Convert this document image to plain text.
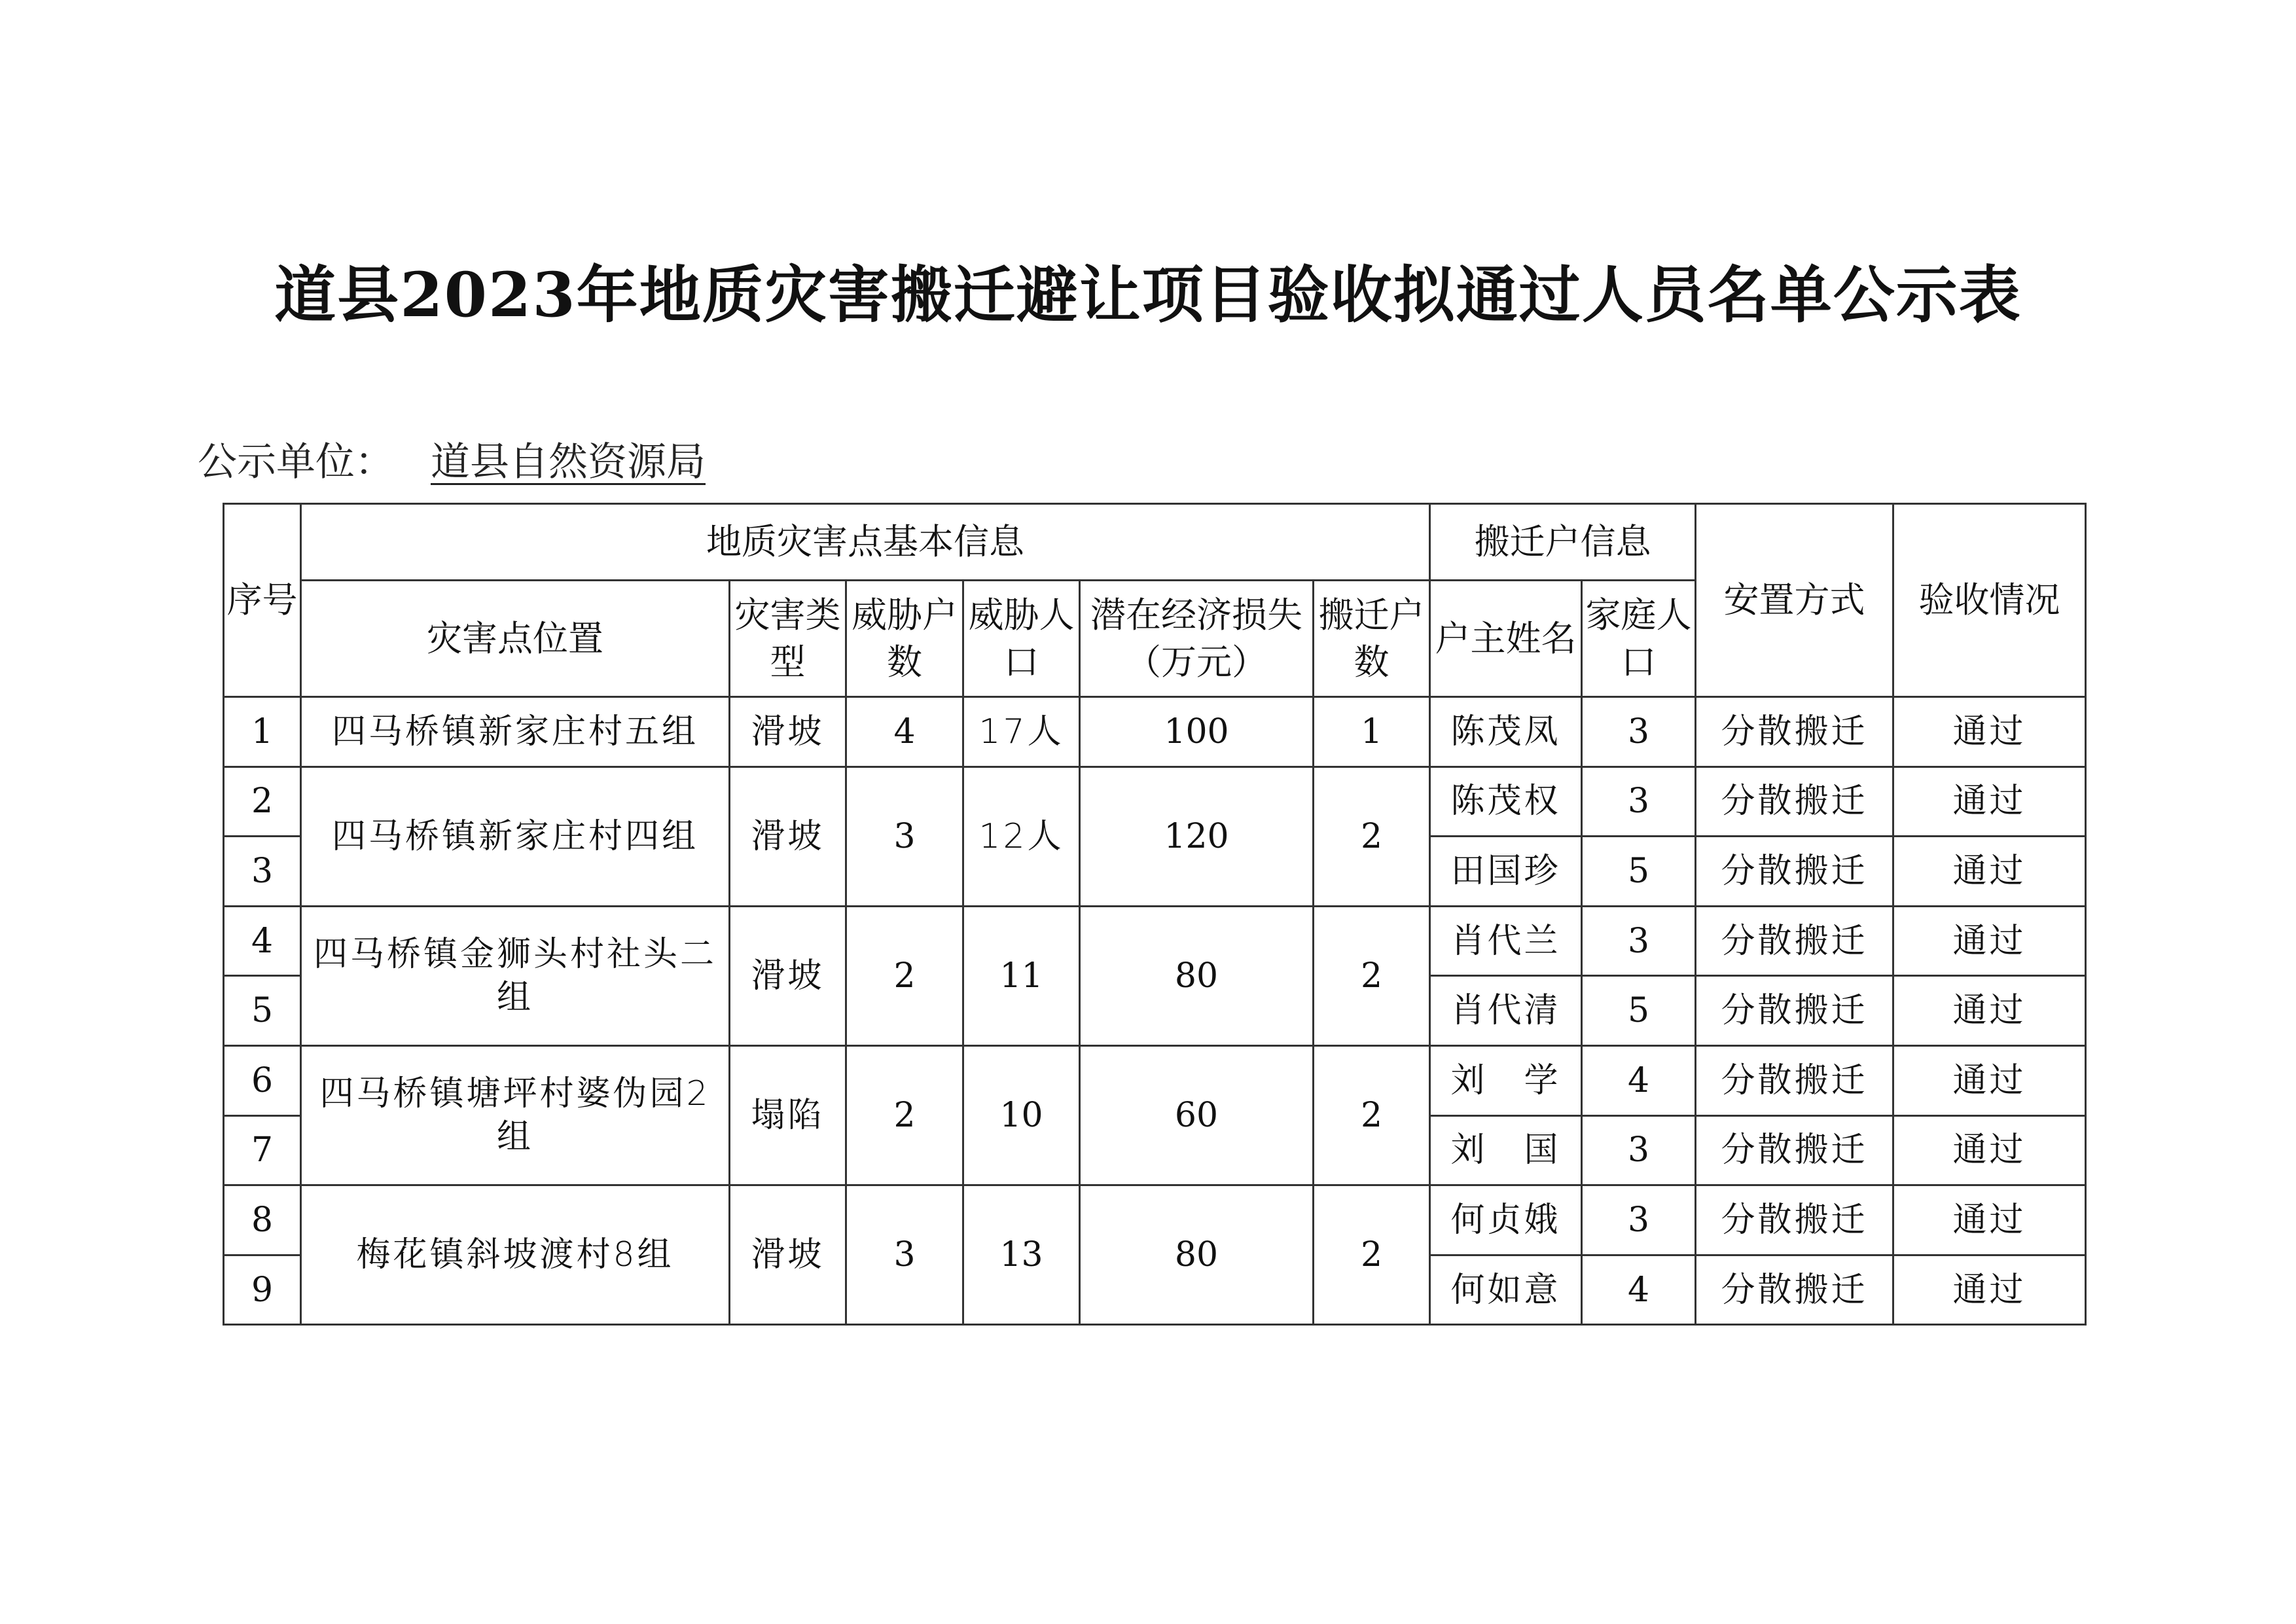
道县2023年地质灾害搬迁避让项目验收拟通过人员名单公示表
公示单位： 道县自然资源局
序号	地质灾害点基本信息						搬迁户信息		安置方式	验收情况
	灾害点位置	灾害类型	威胁户数	威胁人口	潜在经济损失（万元）	搬迁户数	户主姓名	家庭人口		
1	四马桥镇新家庄村五组	滑坡	4	17人	100	1	陈茂凤	3	分散搬迁	通过
2	四马桥镇新家庄村四组	滑坡	3	12人	120	2	陈茂权	3	分散搬迁	通过
3							田国珍	5	分散搬迁	通过
4	四马桥镇金狮头村社头二组	滑坡	2	11	80	2	肖代兰	3	分散搬迁	通过
5							肖代清	5	分散搬迁	通过
6	四马桥镇塘坪村婆伪园2组	塌陷	2	10	60	2	刘　学	4	分散搬迁	通过
7							刘　国	3	分散搬迁	通过
8	梅花镇斜坡渡村8组	滑坡	3	13	80	2	何贞娥	3	分散搬迁	通过
9							何如意	4	分散搬迁	通过
